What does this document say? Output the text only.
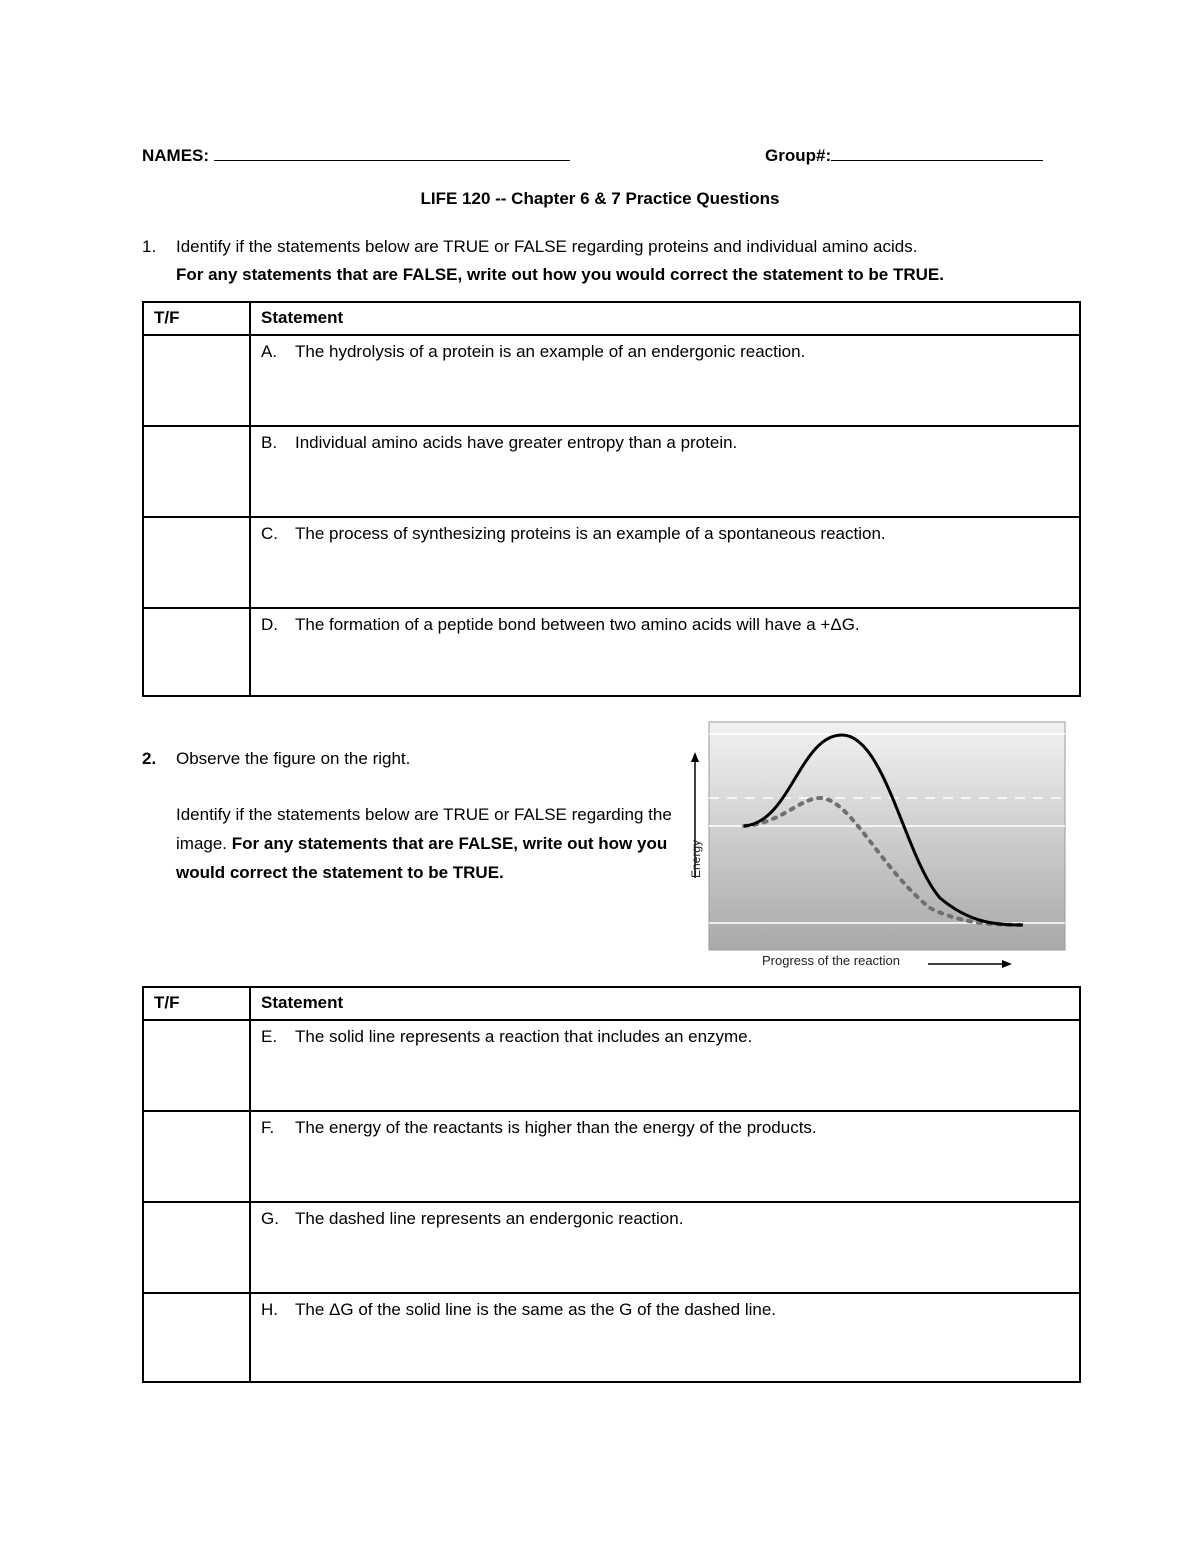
NAMES:	Group#:
LIFE 120 -- Chapter 6 & 7 Practice Questions
1. Identify if the statements below are TRUE or FALSE regarding proteins and individual amino acids.
For any statements that are FALSE, write out how you would correct the statement to be TRUE.
T/F	Statement
	A. The hydrolysis of a protein is an example of an endergonic reaction.
	B. Individual amino acids have greater entropy than a protein.
	C. The process of synthesizing proteins is an example of a spontaneous reaction.
	D. The formation of a peptide bond between two amino acids will have a +ΔG.
2. Observe the figure on the right.
Identify if the statements below are TRUE or FALSE regarding the image. For any statements that are FALSE, write out how you would correct the statement to be TRUE.	Energy
Progress of the reaction
T/F	Statement
	E. The solid line represents a reaction that includes an enzyme.
	F. The energy of the reactants is higher than the energy of the products.
	G. The dashed line represents an endergonic reaction.
	H. The ΔG of the solid line is the same as the G of the dashed line.
